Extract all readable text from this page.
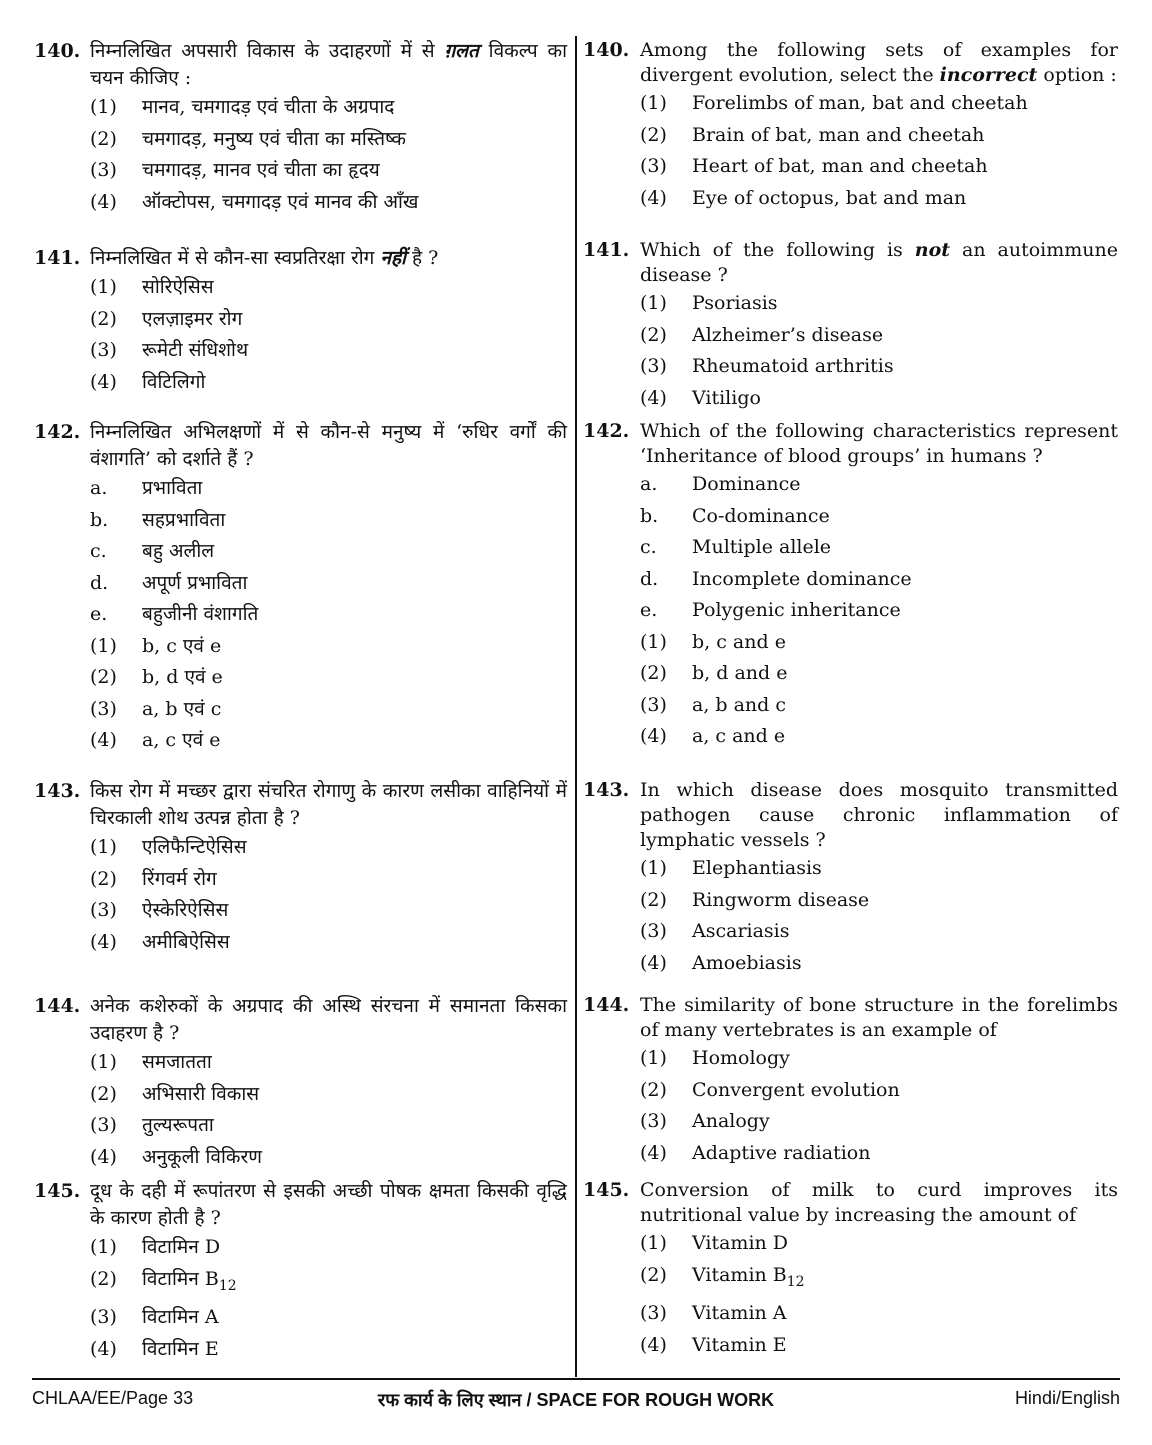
140. निम्नलिखित अपसारी विकास के उदाहरणों में से ग़लत विकल्प का चयन कीजिए :
(1) मानव, चमगादड़ एवं चीता के अग्रपाद
(2) चमगादड़, मनुष्य एवं चीता का मस्तिष्क
(3) चमगादड़, मानव एवं चीता का हृदय
(4) ऑक्टोपस, चमगादड़ एवं मानव की आँख
141. निम्नलिखित में से कौन-सा स्वप्रतिरक्षा रोग नहीं है ?
(1) सोरिऐसिस
(2) एलज़ाइमर रोग
(3) रूमेटी संधिशोथ
(4) विटिलिगो
142. निम्नलिखित अभिलक्षणों में से कौन-से मनुष्य में ‘रुधिर वर्गों की वंशागति’ को दर्शाते हैं ?
a. प्रभाविता
b. सहप्रभाविता
c. बहु अलील
d. अपूर्ण प्रभाविता
e. बहुजीनी वंशागति
(1) b, c एवं e
(2) b, d एवं e
(3) a, b एवं c
(4) a, c एवं e
143. किस रोग में मच्छर द्वारा संचरित रोगाणु के कारण लसीका वाहिनियों में चिरकाली शोथ उत्पन्न होता है ?
(1) एलिफैन्टिऐसिस
(2) रिंगवर्म रोग
(3) ऐस्केरिऐसिस
(4) अमीबिऐसिस
144. अनेक कशेरुकों के अग्रपाद की अस्थि संरचना में समानता किसका उदाहरण है ?
(1) समजातता
(2) अभिसारी विकास
(3) तुल्यरूपता
(4) अनुकूली विकिरण
145. दूध के दही में रूपांतरण से इसकी अच्छी पोषक क्षमता किसकी वृद्धि के कारण होती है ?
(1) विटामिन D
(2) विटामिन $B_{12}$
(3) विटामिन A
(4) विटामिन E
140. Among the following sets of examples for divergent evolution, select the incorrect option :
(1) Forelimbs of man, bat and cheetah
(2) Brain of bat, man and cheetah
(3) Heart of bat, man and cheetah
(4) Eye of octopus, bat and man
141. Which of the following is not an autoimmune disease ?
(1) Psoriasis
(2) Alzheimer’s disease
(3) Rheumatoid arthritis
(4) Vitiligo
142. Which of the following characteristics represent ‘Inheritance of blood groups’ in humans ?
a. Dominance
b. Co-dominance
c. Multiple allele
d. Incomplete dominance
e. Polygenic inheritance
(1) b, c and e
(2) b, d and e
(3) a, b and c
(4) a, c and e
143. In which disease does mosquito transmitted pathogen cause chronic inflammation of lymphatic vessels ?
(1) Elephantiasis
(2) Ringworm disease
(3) Ascariasis
(4) Amoebiasis
144. The similarity of bone structure in the forelimbs of many vertebrates is an example of
(1) Homology
(2) Convergent evolution
(3) Analogy
(4) Adaptive radiation
145. Conversion of milk to curd improves its nutritional value by increasing the amount of
(1) Vitamin D
(2) Vitamin $B_{12}$
(3) Vitamin A
(4) Vitamin E
CHLAA/EE/Page 33	रफ कार्य के लिए स्थान / SPACE FOR ROUGH WORK	Hindi/English
